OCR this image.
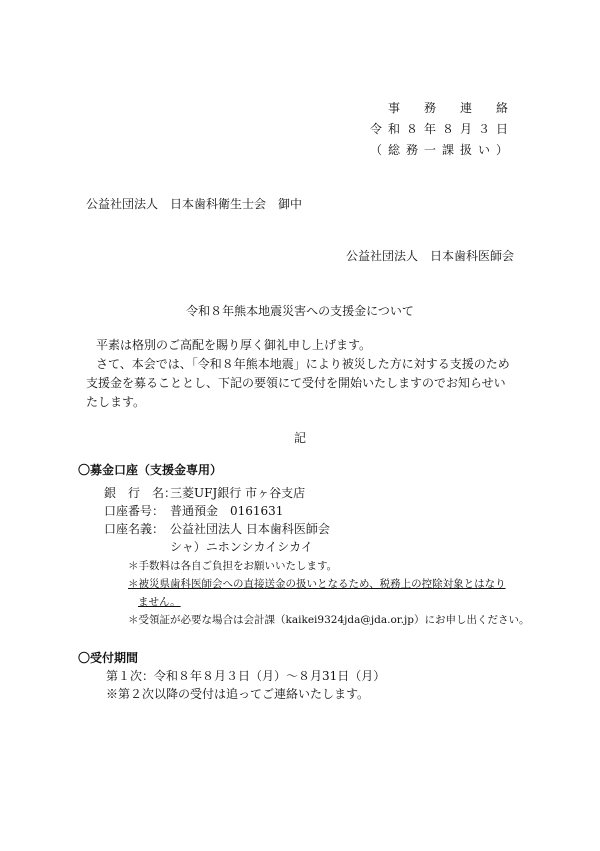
事　務　連　絡
令和８年８月３日
（総務一課扱い）
公益社団法人　日本歯科衛生士会　御中
公益社団法人　日本歯科医師会
令和８年熊本地震災害への支援金について
平素は格別のご高配を賜り厚く御礼申し上げます。
さて、本会では、「令和８年熊本地震」により被災した方に対する支援のため
支援金を募ることとし、下記の要領にて受付を開始いたしますのでお知らせい
たします。
記
〇募金口座（支援金専用）
銀　行　名：
三菱UFJ銀行 市ヶ谷支店
口座番号： 普通預金　0161631
口座名義： 公益社団法人 日本歯科医師会
シャ）ニホンシカイシカイ
＊手数料は各自ご負担をお願いいたします。
＊被災県歯科医師会への直接送金の扱いとなるため、税務上の控除対象とはなり
ません。
＊受領証が必要な場合は会計課（kaikei9324jda@jda.or.jp）にお申し出ください。
〇受付期間
第１次：令和８年８月３日（月）～８月31日（月）
※第２次以降の受付は追ってご連絡いたします。
